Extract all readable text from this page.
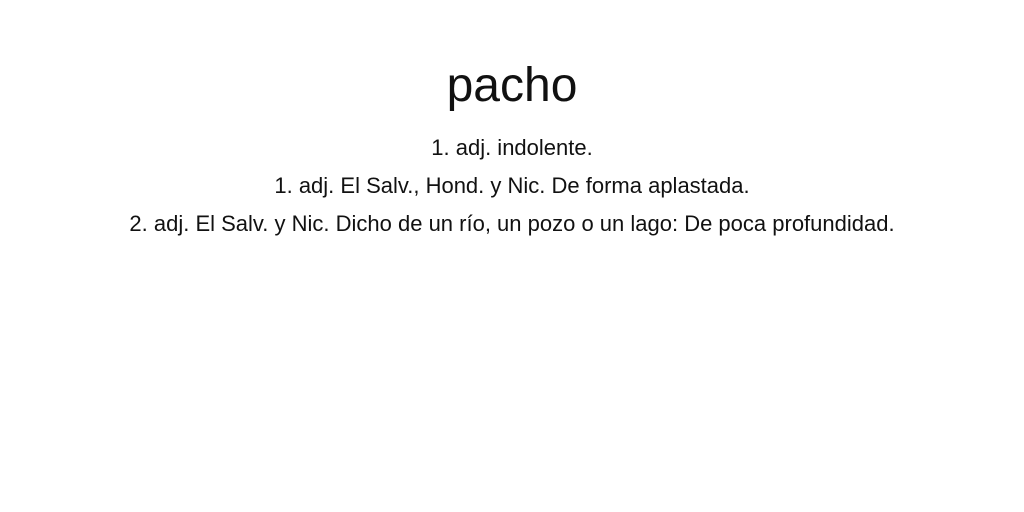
pacho
1. adj. indolente.
1. adj. El Salv., Hond. y Nic. De forma aplastada.
2. adj. El Salv. y Nic. Dicho de un río, un pozo o un lago: De poca profundidad.
